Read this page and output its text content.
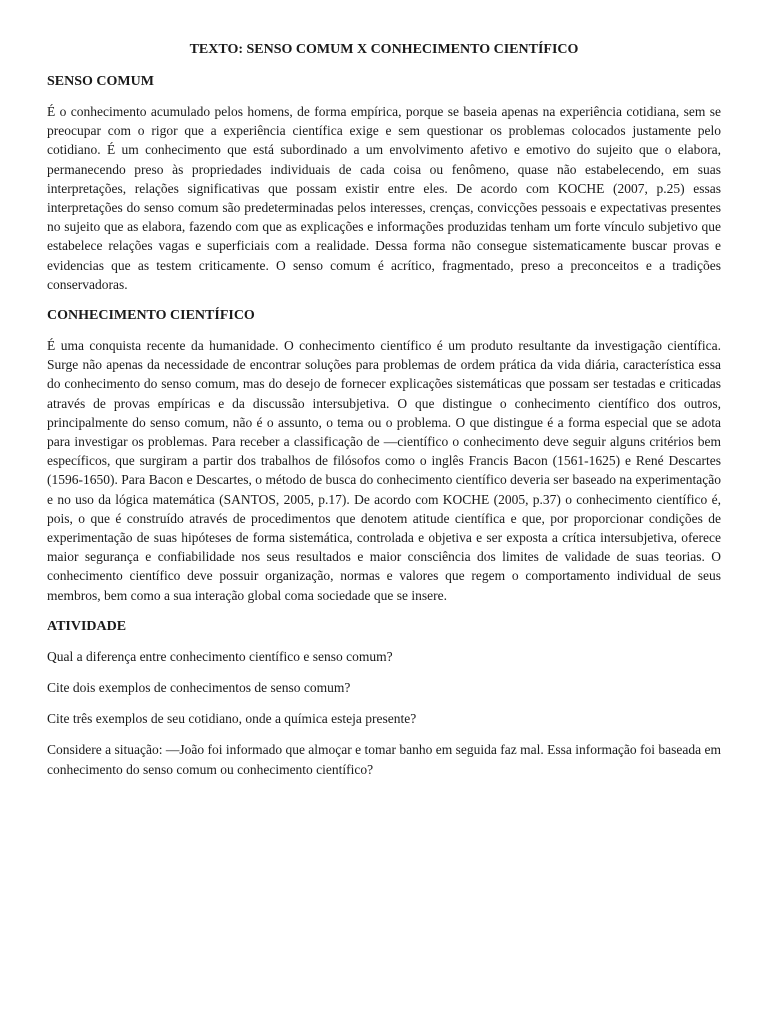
TEXTO: SENSO COMUM X CONHECIMENTO CIENTÍFICO
SENSO COMUM

É o conhecimento acumulado pelos homens, de forma empírica, porque se baseia apenas na experiência cotidiana, sem se preocupar com o rigor que a experiência científica exige e sem questionar os problemas colocados justamente pelo cotidiano. É um conhecimento que está subordinado a um envolvimento afetivo e emotivo do sujeito que o elabora, permanecendo preso às propriedades individuais de cada coisa ou fenômeno, quase não estabelecendo, em suas interpretações, relações significativas que possam existir entre eles. De acordo com KOCHE (2007, p.25) essas interpretações do senso comum são predeterminadas pelos interesses, crenças, convicções pessoais e expectativas presentes no sujeito que as elabora, fazendo com que as explicações e informações produzidas tenham um forte vínculo subjetivo que estabelece relações vagas e superficiais com a realidade. Dessa forma não consegue sistematicamente buscar provas e evidencias que as testem criticamente. O senso comum é acrítico, fragmentado, preso a preconceitos e a tradições conservadoras.

CONHECIMENTO CIENTÍFICO

É uma conquista recente da humanidade. O conhecimento científico é um produto resultante da investigação científica. Surge não apenas da necessidade de encontrar soluções para problemas de ordem prática da vida diária, característica essa do conhecimento do senso comum, mas do desejo de fornecer explicações sistemáticas que possam ser testadas e criticadas através de provas empíricas e da discussão intersubjetiva. O que distingue o conhecimento científico dos outros, principalmente do senso comum, não é o assunto, o tema ou o problema. O que distingue é a forma especial que se adota para investigar os problemas. Para receber a classificação de —científico o conhecimento deve seguir alguns critérios bem específicos, que surgiram a partir dos trabalhos de filósofos como o inglês Francis Bacon (1561-1625) e René Descartes (1596-1650). Para Bacon e Descartes, o método de busca do conhecimento científico deveria ser baseado na experimentação e no uso da lógica matemática (SANTOS, 2005, p.17). De acordo com KOCHE (2005, p.37) o conhecimento científico é, pois, o que é construído através de procedimentos que denotem atitude científica e que, por proporcionar condições de experimentação de suas hipóteses de forma sistemática, controlada e objetiva e ser exposta a crítica intersubjetiva, oferece maior segurança e confiabilidade nos seus resultados e maior consciência dos limites de validade de suas teorias. O conhecimento científico deve possuir organização, normas e valores que regem o comportamento individual de seus membros, bem como a sua interação global coma sociedade que se insere.

ATIVIDADE

Qual a diferença entre conhecimento científico e senso comum?

Cite dois exemplos de conhecimentos de senso comum?

Cite três exemplos de seu cotidiano, onde a química esteja presente?

Considere a situação: —João foi informado que almoçar e tomar banho em seguida faz mal. Essa informação foi baseada em conhecimento do senso comum ou conhecimento científico?
